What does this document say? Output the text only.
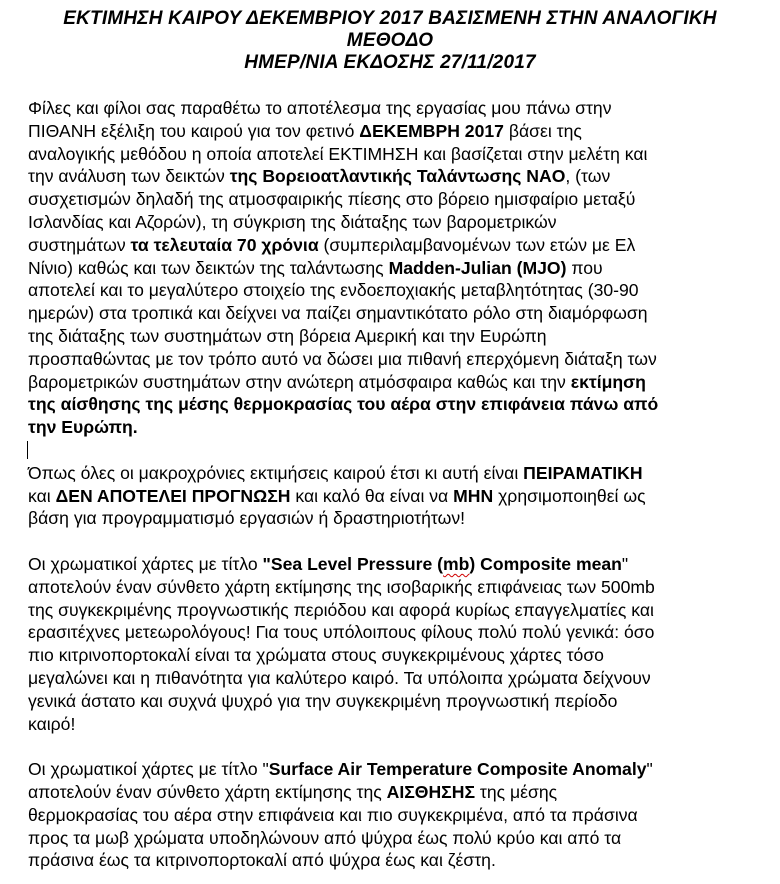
ΕΚΤΙΜΗΣΗ ΚΑΙΡΟΥ ΔΕΚΕΜΒΡΙΟΥ 2017 ΒΑΣΙΣΜΕΝΗ ΣΤΗΝ ΑΝΑΛΟΓΙΚΗ
ΜΕΘΟΔΟ
ΗΜΕΡ/ΝΙΑ ΕΚΔΟΣΗΣ 27/11/2017

Φίλες και φίλοι σας παραθέτω το αποτέλεσμα της εργασίας μου πάνω στην

ΠΙΘΑΝΗ εξέλιξη του καιρού για τον φετινό ΔΕΚΕΜΒΡΗ 2017 βάσει της

αναλογικής μεθόδου η οποία αποτελεί ΕΚΤΙΜΗΣΗ και βασίζεται στην μελέτη και

την ανάλυση των δεικτών της Βορειοατλαντικής Ταλάντωσης NAO, (των

συσχετισμών δηλαδή της ατμοσφαιρικής πίεσης στο βόρειο ημισφαίριο μεταξύ

Ισλανδίας και Αζορών), τη σύγκριση της διάταξης των βαρομετρικών

συστημάτων τα τελευταία 70 χρόνια (συμπεριλαμβανομένων των ετών με Ελ

Νίνιο) καθώς και των δεικτών της ταλάντωσης Madden-Julian (MJO) που

αποτελεί και το μεγαλύτερο στοιχείο της ενδοεποχιακής μεταβλητότητας (30-90

ημερών) στα τροπικά και δείχνει να παίζει σημαντικότατο ρόλο στη διαμόρφωση

της διάταξης των συστημάτων στη βόρεια Αμερική και την Ευρώπη

προσπαθώντας με τον τρόπο αυτό να δώσει μια πιθανή επερχόμενη διάταξη των

βαρομετρικών συστημάτων στην ανώτερη ατμόσφαιρα καθώς και την εκτίμηση

της αίσθησης της μέσης θερμοκρασίας του αέρα στην επιφάνεια πάνω από

την Ευρώπη.

Όπως όλες οι μακροχρόνιες εκτιμήσεις καιρού έτσι κι αυτή είναι ΠΕΙΡΑΜΑΤΙΚΗ

και ΔΕΝ ΑΠΟΤΕΛΕΙ ΠΡΟΓΝΩΣΗ και καλό θα είναι να ΜΗΝ χρησιμοποιηθεί ως

βάση για προγραμματισμό εργασιών ή δραστηριοτήτων!

Οι χρωματικοί χάρτες με τίτλο "Sea Level Pressure (mb) Composite mean"

αποτελούν έναν σύνθετο χάρτη εκτίμησης της ισοβαρικής επιφάνειας των 500mb

της συγκεκριμένης προγνωστικής περιόδου και αφορά κυρίως επαγγελματίες και

ερασιτέχνες μετεωρολόγους! Για τους υπόλοιπους φίλους πολύ πολύ γενικά: όσο

πιο κιτρινοπορτοκαλί είναι τα χρώματα στους συγκεκριμένους χάρτες τόσο

μεγαλώνει και η πιθανότητα για καλύτερο καιρό. Τα υπόλοιπα χρώματα δείχνουν

γενικά άστατο και συχνά ψυχρό για την συγκεκριμένη προγνωστική περίοδο

καιρό!

Οι χρωματικοί χάρτες με τίτλο "Surface Air Temperature Composite Anomaly"

αποτελούν έναν σύνθετο χάρτη εκτίμησης της ΑΙΣΘΗΣΗΣ της μέσης

θερμοκρασίας του αέρα στην επιφάνεια και πιο συγκεκριμένα, από τα πράσινα

προς τα μωβ χρώματα υποδηλώνουν από ψύχρα έως πολύ κρύο και από τα

πράσινα έως τα κιτρινοπορτοκαλί από ψύχρα έως και ζέστη.
